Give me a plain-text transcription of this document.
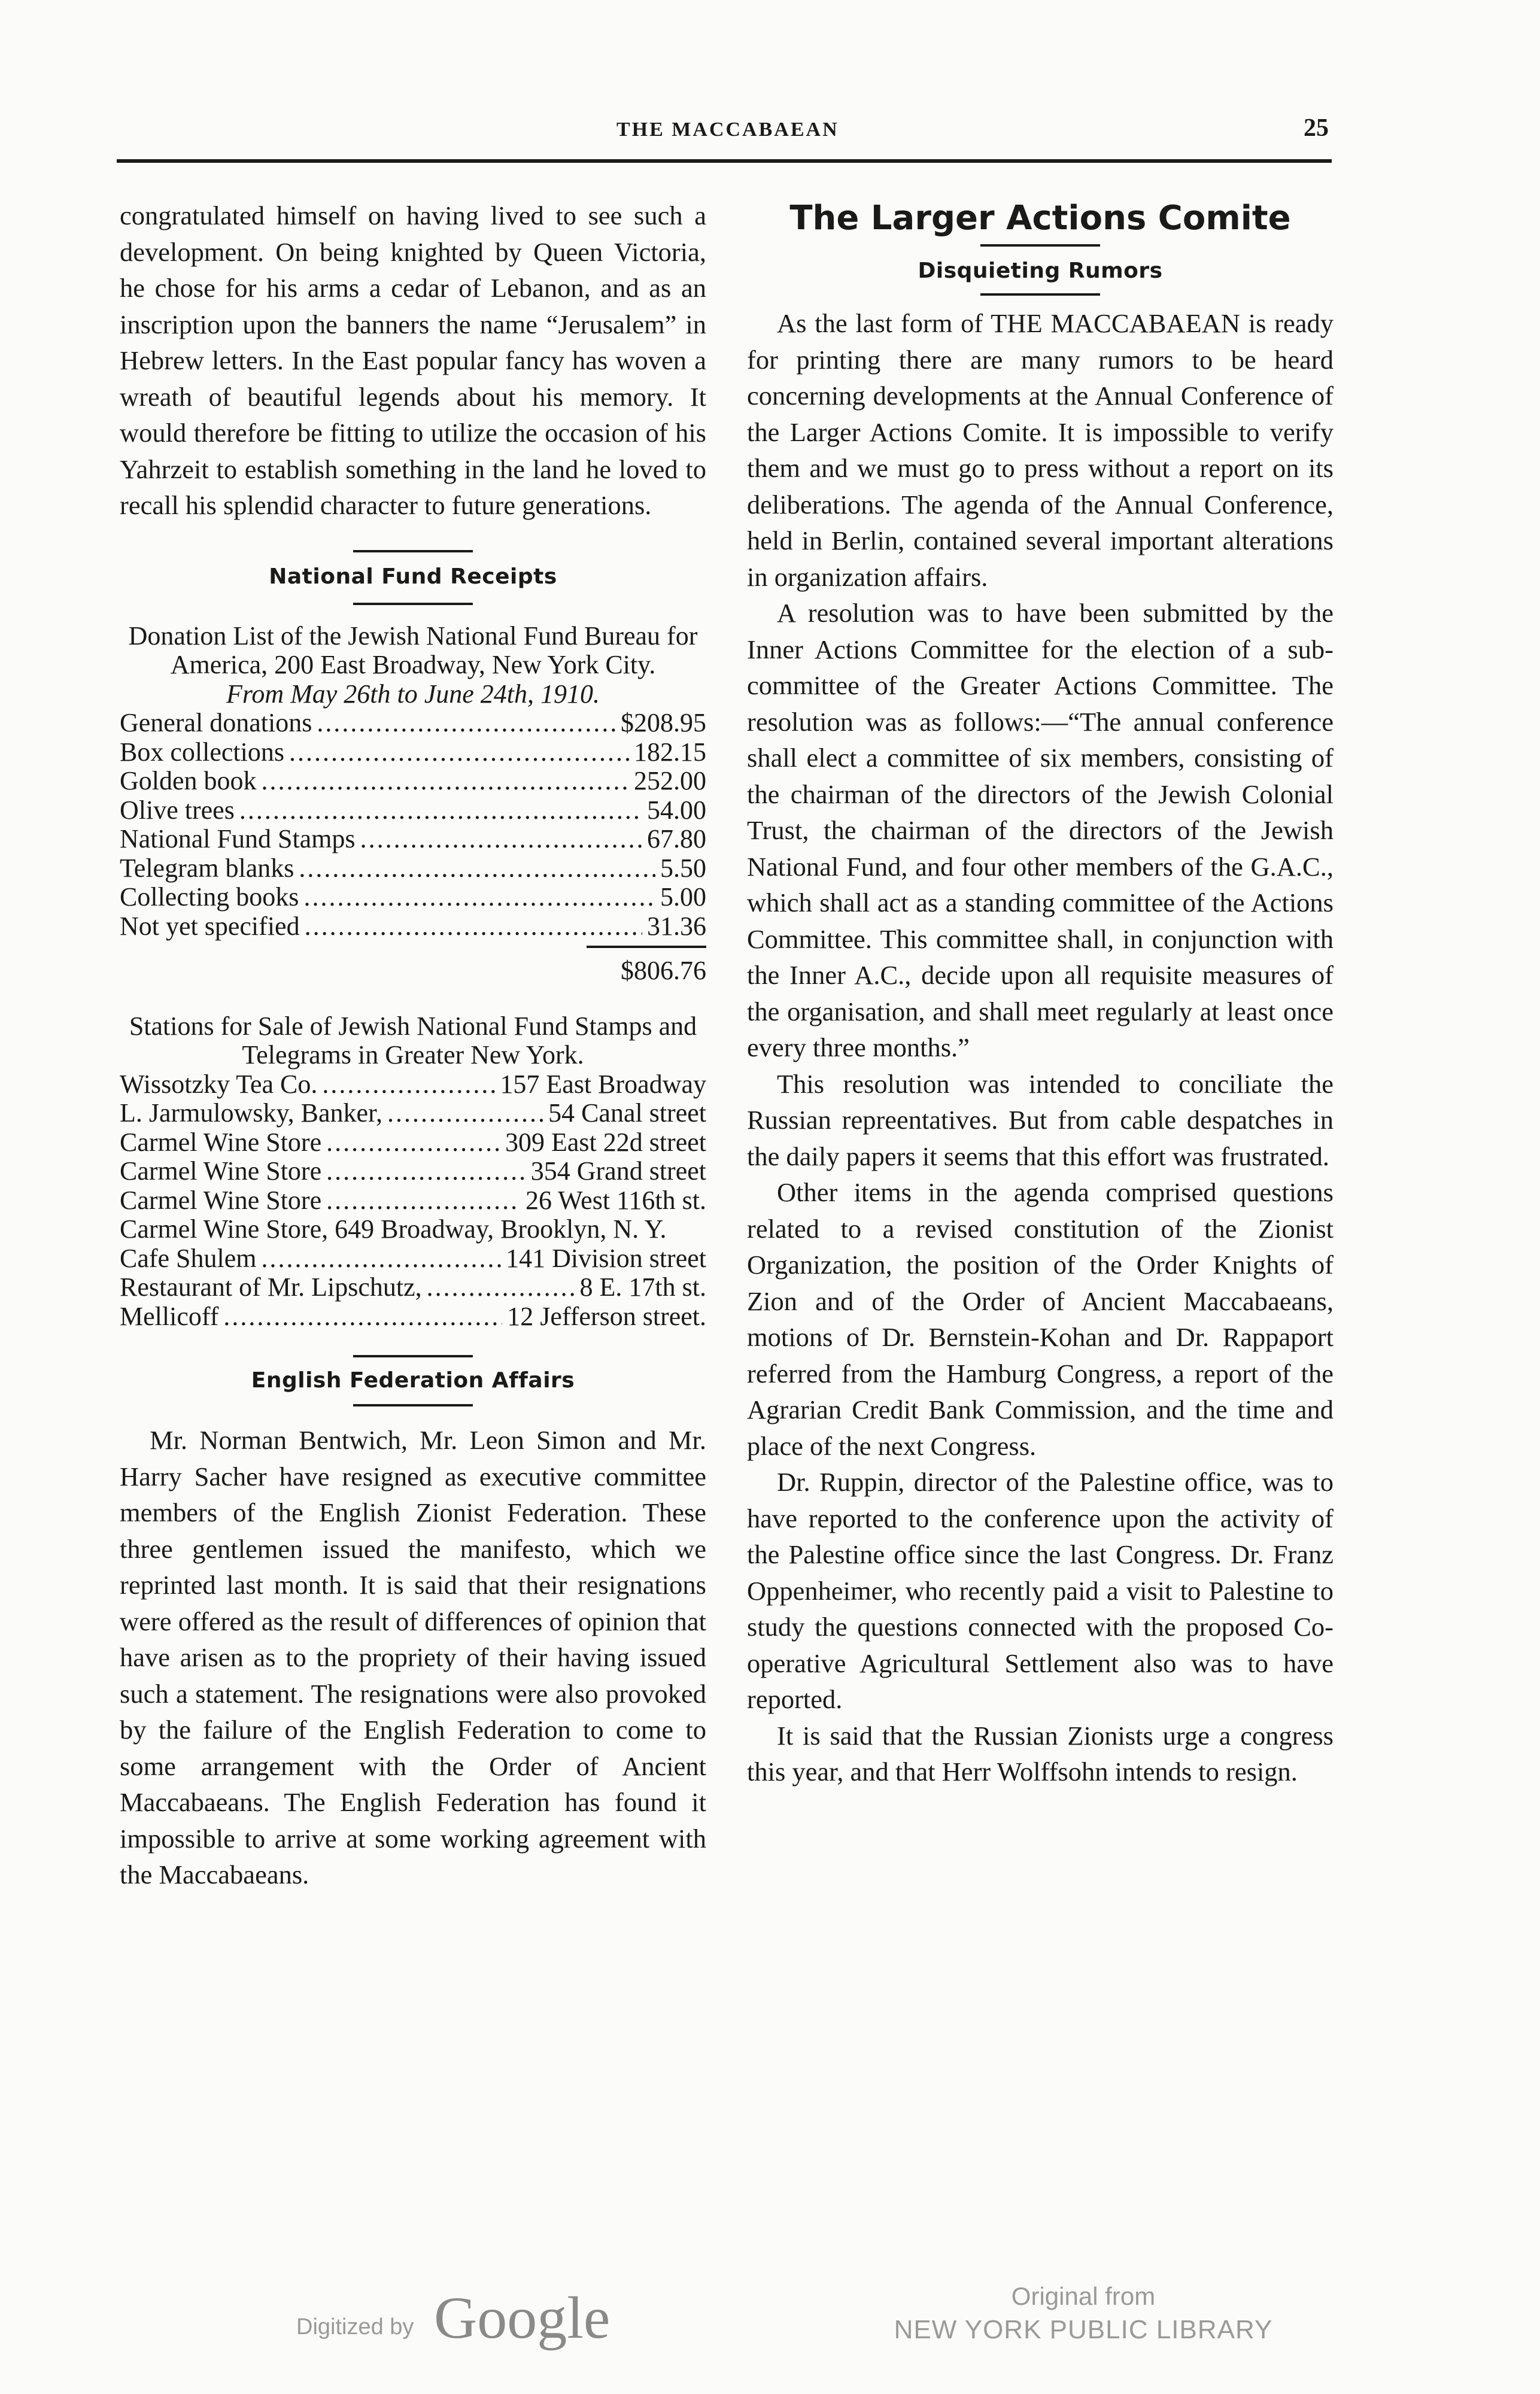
THE MACCABAEAN	25

congratulated himself on having lived to see such a development. On being knighted by Queen Victoria, he chose for his arms a cedar of Lebanon, and as an inscription upon the banners the name “Jerusalem” in Hebrew letters. In the East popular fancy has woven a wreath of beautiful legends about his memory. It would therefore be fitting to utilize the occasion of his Yahrzeit to establish something in the land he loved to recall his splendid character to future generations.

National Fund Receipts
Donation List of the Jewish National Fund Bureau for America, 200 East Broadway, New York City.
From May 26th to June 24th, 1910.
General donations . . .	$208.95
Box collections . . .	182.15
Golden book . . .	252.00
Olive trees . . .	54.00
National Fund Stamps . . .	67.80
Telegram blanks . . .	5.50
Collecting books . . .	5.00
Not yet specified . . .	31.36
$806.76
Stations for Sale of Jewish National Fund Stamps and Telegrams in Greater New York.
Wissotzky Tea Co. . . .	157 East Broadway
L. Jarmulowsky, Banker, . . .	54 Canal street
Carmel Wine Store . . .	309 East 22d street
Carmel Wine Store . . .	354 Grand street
Carmel Wine Store . . .	26 West 116th st.
Carmel Wine Store, 649 Broadway, Brooklyn, N. Y.
Cafe Shulem . . .	141 Division street
Restaurant of Mr. Lipschutz, . . .	8 E. 17th st.
Mellicoff . . .	12 Jefferson street.
English Federation Affairs

Mr. Norman Bentwich, Mr. Leon Simon and Mr. Harry Sacher have resigned as executive committee members of the English Zionist Federation. These three gentlemen issued the manifesto, which we reprinted last month. It is said that their resignations were offered as the result of differences of opinion that have arisen as to the propriety of their having issued such a statement. The resignations were also provoked by the failure of the English Federation to come to some arrangement with the Order of Ancient Maccabaeans. The English Federation has found it impossible to arrive at some working agreement with the Maccabaeans.

The Larger Actions Comite
Disquieting Rumors

As the last form of THE MACCABAEAN is ready for printing there are many rumors to be heard concerning developments at the Annual Conference of the Larger Actions Comite. It is impossible to verify them and we must go to press without a report on its deliberations. The agenda of the Annual Conference, held in Berlin, contained several important alterations in organization affairs.

A resolution was to have been submitted by the Inner Actions Committee for the election of a sub-committee of the Greater Actions Committee. The resolution was as follows:—“The annual conference shall elect a committee of six members, consisting of the chairman of the directors of the Jewish Colonial Trust, the chairman of the directors of the Jewish National Fund, and four other members of the G.A.C., which shall act as a standing committee of the Actions Committee. This committee shall, in conjunction with the Inner A.C., decide upon all requisite measures of the organisation, and shall meet regularly at least once every three months.”

This resolution was intended to conciliate the Russian repreentatives. But from cable despatches in the daily papers it seems that this effort was frustrated.

Other items in the agenda comprised questions related to a revised constitution of the Zionist Organization, the position of the Order Knights of Zion and of the Order of Ancient Maccabaeans, motions of Dr. Bernstein-Kohan and Dr. Rappaport referred from the Hamburg Congress, a report of the Agrarian Credit Bank Commission, and the time and place of the next Congress.

Dr. Ruppin, director of the Palestine office, was to have reported to the conference upon the activity of the Palestine office since the last Congress. Dr. Franz Oppenheimer, who recently paid a visit to Palestine to study the questions connected with the proposed Co-operative Agricultural Settlement also was to have reported.

It is said that the Russian Zionists urge a congress this year, and that Herr Wolffsohn intends to resign.

Digitized by Google	Original from
NEW YORK PUBLIC LIBRARY
